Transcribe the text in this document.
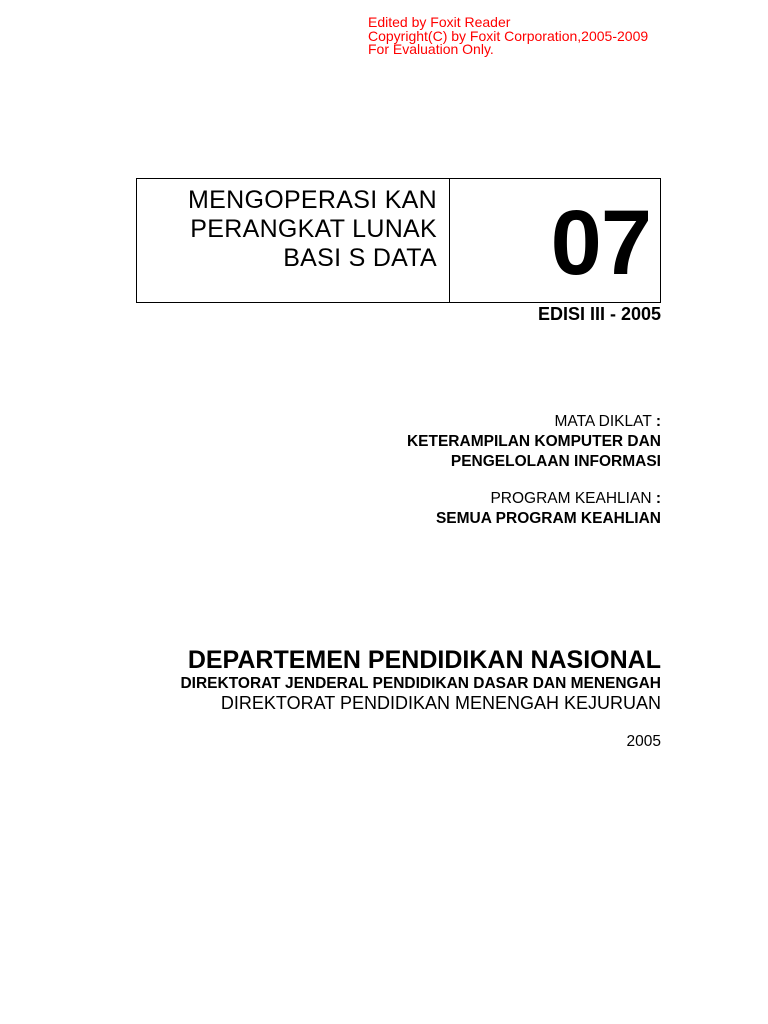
Edited by Foxit Reader
Copyright(C) by Foxit Corporation,2005-2009
For Evaluation Only.
MENGOPERASI KAN
PERANGKAT LUNAK
BASI S DATA 07
EDISI III - 2005
MATA DIKLAT :
KETERAMPILAN KOMPUTER DAN
PENGELOLAAN INFORMASI
PROGRAM KEAHLIAN :
SEMUA PROGRAM KEAHLIAN
DEPARTEMEN PENDIDIKAN NASIONAL
DIREKTORAT JENDERAL PENDIDIKAN DASAR DAN MENENGAH
DIREKTORAT PENDIDIKAN MENENGAH KEJURUAN
2005
